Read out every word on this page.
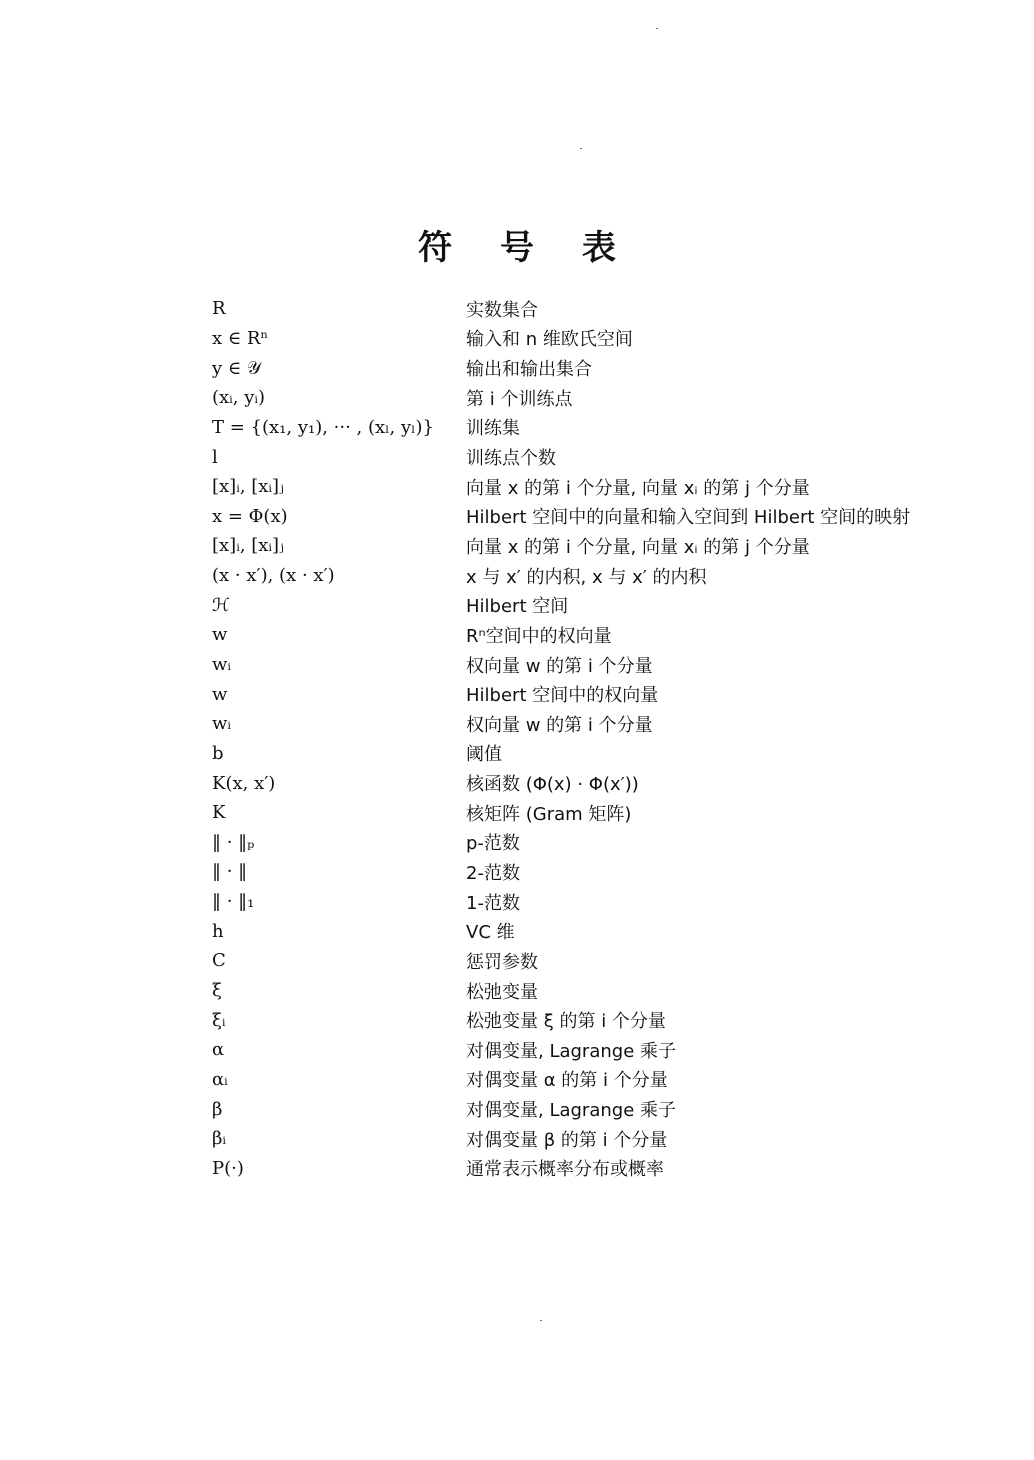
符 号 表
R	实数集合
x ∈ Rⁿ	输入和 n 维欧氏空间
y ∈ 𝒴	输出和输出集合
(xᵢ, yᵢ)	第 i 个训练点
T = {(x₁, y₁), ··· , (xₗ, yₗ)}	训练集
l	训练点个数
[x]ᵢ, [xᵢ]ⱼ	向量 x 的第 i 个分量, 向量 xᵢ 的第 j 个分量
x = Φ(x)	Hilbert 空间中的向量和输入空间到 Hilbert 空间的映射
[x]ᵢ, [xᵢ]ⱼ	向量 x 的第 i 个分量, 向量 xᵢ 的第 j 个分量
(x · x′), (x · x′)	x 与 x′ 的内积, x 与 x′ 的内积
ℋ	Hilbert 空间
w	Rⁿ空间中的权向量
wᵢ	权向量 w 的第 i 个分量
w	Hilbert 空间中的权向量
wᵢ	权向量 w 的第 i 个分量
b	阈值
K(x, x′)	核函数 (Φ(x) · Φ(x′))
K	核矩阵 (Gram 矩阵)
‖ · ‖ₚ	p-范数
‖ · ‖	2-范数
‖ · ‖₁	1-范数
h	VC 维
C	惩罚参数
ξ	松弛变量
ξᵢ	松弛变量 ξ 的第 i 个分量
α	对偶变量, Lagrange 乘子
αᵢ	对偶变量 α 的第 i 个分量
β	对偶变量, Lagrange 乘子
βᵢ	对偶变量 β 的第 i 个分量
P(·)	通常表示概率分布或概率
